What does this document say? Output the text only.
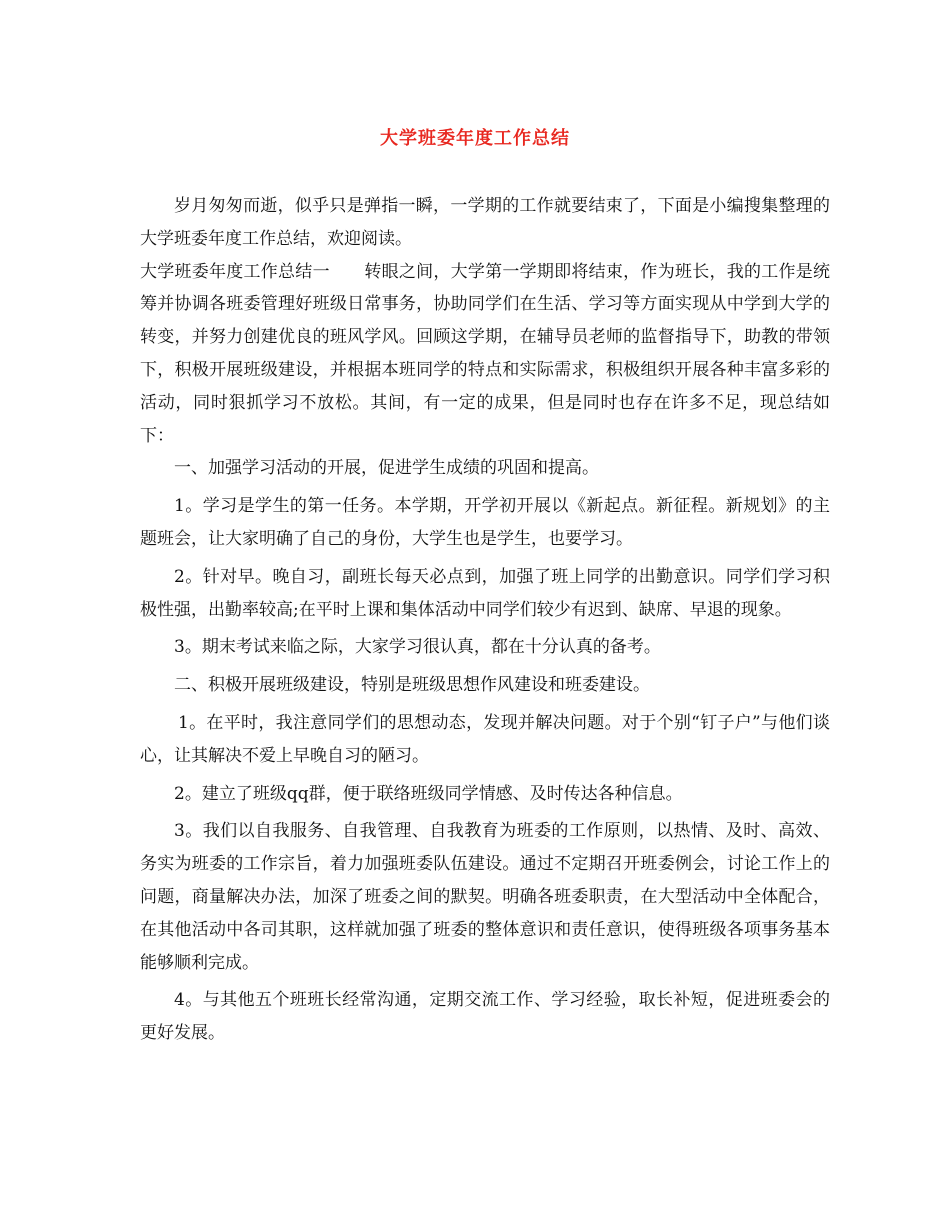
大学班委年度工作总结

岁月匆匆而逝，似乎只是弹指一瞬，一学期的工作就要结束了，下面是小编搜集整理的大学班委年度工作总结，欢迎阅读。

大学班委年度工作总结一　　转眼之间，大学第一学期即将结束，作为班长，我的工作是统筹并协调各班委管理好班级日常事务，协助同学们在生活、学习等方面实现从中学到大学的转变，并努力创建优良的班风学风。回顾这学期，在辅导员老师的监督指导下，助教的带领下，积极开展班级建设，并根据本班同学的特点和实际需求，积极组织开展各种丰富多彩的活动，同时狠抓学习不放松。其间，有一定的成果，但是同时也存在许多不足，现总结如下：

一、加强学习活动的开展，促进学生成绩的巩固和提高。

1。学习是学生的第一任务。本学期，开学初开展以《新起点。新征程。新规划》的主题班会，让大家明确了自己的身份，大学生也是学生，也要学习。

2。针对早。晚自习，副班长每天必点到，加强了班上同学的出勤意识。同学们学习积极性强，出勤率较高;在平时上课和集体活动中同学们较少有迟到、缺席、早退的现象。

3。期末考试来临之际，大家学习很认真，都在十分认真的备考。

二、积极开展班级建设，特别是班级思想作风建设和班委建设。

1。在平时，我注意同学们的思想动态，发现并解决问题。对于个别“钉子户”与他们谈心，让其解决不爱上早晚自习的陋习。

2。建立了班级qq群，便于联络班级同学情感、及时传达各种信息。

3。我们以自我服务、自我管理、自我教育为班委的工作原则，以热情、及时、高效、务实为班委的工作宗旨，着力加强班委队伍建设。通过不定期召开班委例会，讨论工作上的问题，商量解决办法，加深了班委之间的默契。明确各班委职责，在大型活动中全体配合，在其他活动中各司其职，这样就加强了班委的整体意识和责任意识，使得班级各项事务基本能够顺利完成。

4。与其他五个班班长经常沟通，定期交流工作、学习经验，取长补短，促进班委会的更好发展。
